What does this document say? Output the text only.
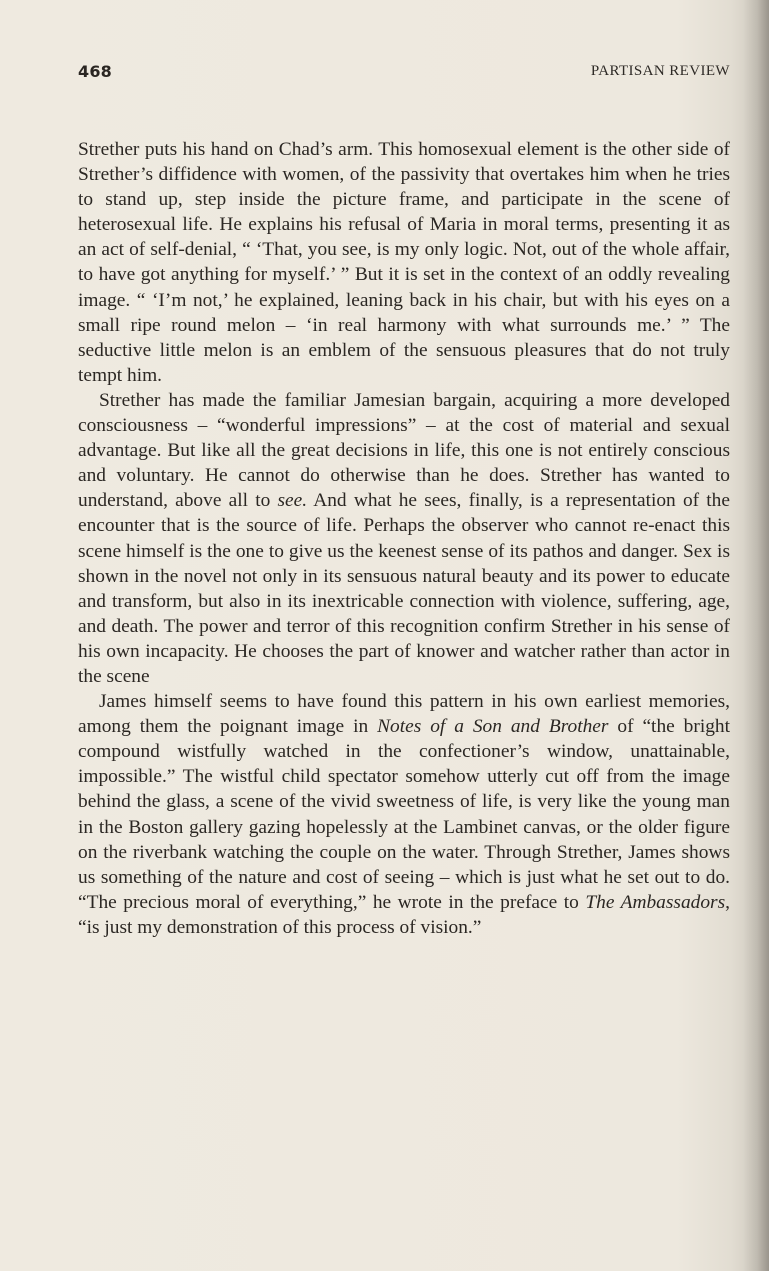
468	PARTISAN REVIEW

Strether puts his hand on Chad’s arm. This homosexual element is the other side of Strether’s diffidence with women, of the passivity that overtakes him when he tries to stand up, step inside the picture frame, and participate in the scene of heterosexual life. He explains his refusal of Maria in moral terms, presenting it as an act of self-denial, “ ‘That, you see, is my only logic. Not, out of the whole affair, to have got anything for myself.’ ” But it is set in the context of an oddly revealing image. “ ‘I’m not,’ he explained, leaning back in his chair, but with his eyes on a small ripe round melon – ‘in real harmony with what surrounds me.’ ” The seductive little melon is an emblem of the sensuous pleasures that do not truly tempt him.

Strether has made the familiar Jamesian bargain, acquiring a more developed consciousness – “wonderful impressions” – at the cost of material and sexual advantage. But like all the great decisions in life, this one is not entirely conscious and voluntary. He cannot do otherwise than he does. Strether has wanted to understand, above all to see. And what he sees, finally, is a representation of the encounter that is the source of life. Perhaps the observer who cannot re-enact this scene himself is the one to give us the keenest sense of its pathos and danger. Sex is shown in the novel not only in its sensuous natural beauty and its power to educate and transform, but also in its inextricable connection with violence, suffering, age, and death. The power and terror of this recognition confirm Strether in his sense of his own incapacity. He chooses the part of knower and watcher rather than actor in the scene

James himself seems to have found this pattern in his own earliest memories, among them the poignant image in Notes of a Son and Brother of “the bright compound wistfully watched in the confectioner’s window, unattainable, impossible.” The wistful child spectator somehow utterly cut off from the image behind the glass, a scene of the vivid sweetness of life, is very like the young man in the Boston gallery gazing hopelessly at the Lambinet canvas, or the older figure on the riverbank watching the couple on the water. Through Strether, James shows us something of the nature and cost of seeing – which is just what he set out to do. “The precious moral of everything,” he wrote in the preface to The Ambassadors, “is just my demonstration of this process of vision.”
